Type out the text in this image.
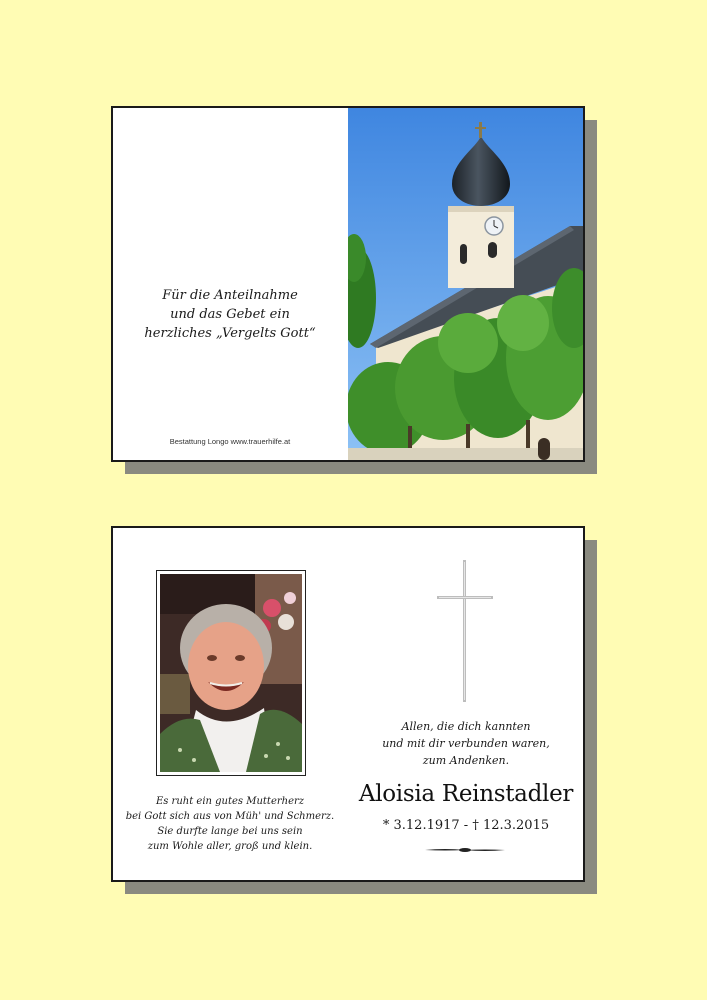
Für die Anteilnahme
und das Gebet ein
herzliches „Vergelts Gott“
Bestattung Longo www.trauerhilfe.at
Es ruht ein gutes Mutterherz
bei Gott sich aus von Müh' und Schmerz.
Sie durfte lange bei uns sein
zum Wohle aller, groß und klein.
Allen, die dich kannten
und mit dir verbunden waren,
zum Andenken.
Aloisia Reinstadler
* 3.12.1917 - † 12.3.2015
